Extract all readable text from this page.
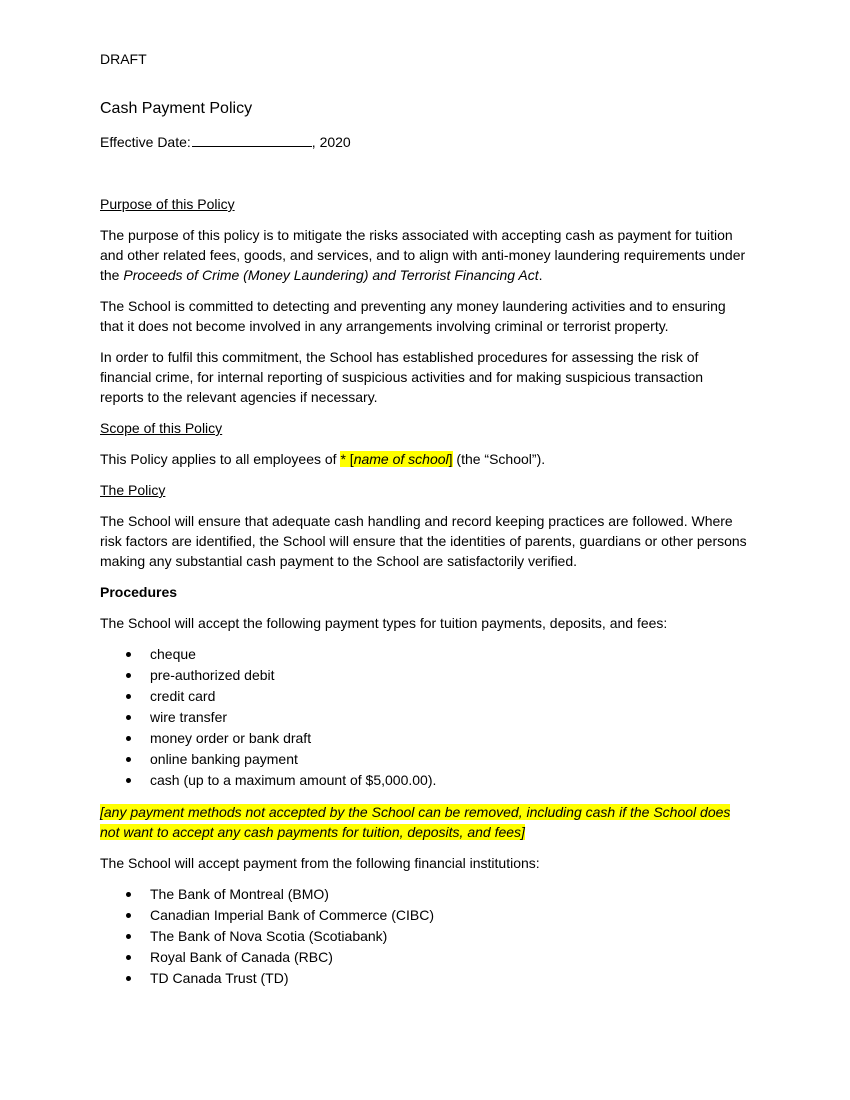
DRAFT
Cash Payment Policy
Effective Date:	, 2020

Purpose of this Policy

The purpose of this policy is to mitigate the risks associated with accepting cash as payment for tuition and other related fees, goods, and services, and to align with anti-money laundering requirements under the Proceeds of Crime (Money Laundering) and Terrorist Financing Act.

The School is committed to detecting and preventing any money laundering activities and to ensuring that it does not become involved in any arrangements involving criminal or terrorist property.

In order to fulfil this commitment, the School has established procedures for assessing the risk of financial crime, for internal reporting of suspicious activities and for making suspicious transaction reports to the relevant agencies if necessary.

Scope of this Policy

This Policy applies to all employees of * [name of school] (the “School”).

The Policy

The School will ensure that adequate cash handling and record keeping practices are followed. Where risk factors are identified, the School will ensure that the identities of parents, guardians or other persons making any substantial cash payment to the School are satisfactorily verified.

Procedures

The School will accept the following payment types for tuition payments, deposits, and fees:

cheque
pre-authorized debit
credit card
wire transfer
money order or bank draft
online banking payment
cash (up to a maximum amount of $5,000.00).

[any payment methods not accepted by the School can be removed, including cash if the School does not want to accept any cash payments for tuition, deposits, and fees]

The School will accept payment from the following financial institutions:

The Bank of Montreal (BMO)
Canadian Imperial Bank of Commerce (CIBC)
The Bank of Nova Scotia (Scotiabank)
Royal Bank of Canada (RBC)
TD Canada Trust (TD)
